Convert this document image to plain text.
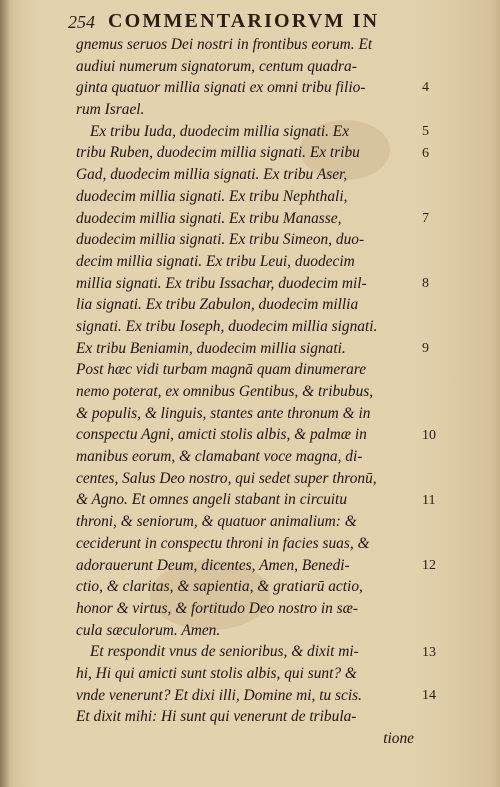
254 COMMENTARIORVM IN
gnemus seruos Dei nostri in frontibus eorum. Et
audiui numerum signatorum, centum quadra-
ginta quatuor millia signati ex omni tribu filio-
rum Israel.
Ex tribu Iuda, duodecim millia signati. Ex
tribu Ruben, duodecim millia signati. Ex tribu
Gad, duodecim millia signati. Ex tribu Aser,
duodecim millia signati. Ex tribu Nephthali,
duodecim millia signati. Ex tribu Manasse,
duodecim millia signati. Ex tribu Simeon, duo-
decim millia signati. Ex tribu Leui, duodecim
millia signati. Ex tribu Issachar, duodecim mil-
lia signati. Ex tribu Zabulon, duodecim millia
signati. Ex tribu Ioseph, duodecim millia signati.
Ex tribu Beniamin, duodecim millia signati.
Post hæc vidi turbam magnā quam dinumerare
nemo poterat, ex omnibus Gentibus, & tribubus,
& populis, & linguis, stantes ante thronum & in
conspectu Agni, amicti stolis albis, & palmæ in
manibus eorum, & clamabant voce magna, di-
centes, Salus Deo nostro, qui sedet super thronū,
& Agno. Et omnes angeli stabant in circuitu
throni, & seniorum, & quatuor animalium: &
ceciderunt in conspectu throni in facies suas, &
adorauerunt Deum, dicentes, Amen, Benedi-
ctio, & claritas, & sapientia, & gratiarū actio,
honor & virtus, & fortitudo Deo nostro in sæ-
cula sæculorum. Amen.
Et respondit vnus de senioribus, & dixit mi-
hi, Hi qui amicti sunt stolis albis, qui sunt? &
vnde venerunt? Et dixi illi, Domine mi, tu scis.
Et dixit mihi: Hi sunt qui venerunt de tribula-
tione
4
5
6
7
8
9
10
11
12
13
14
